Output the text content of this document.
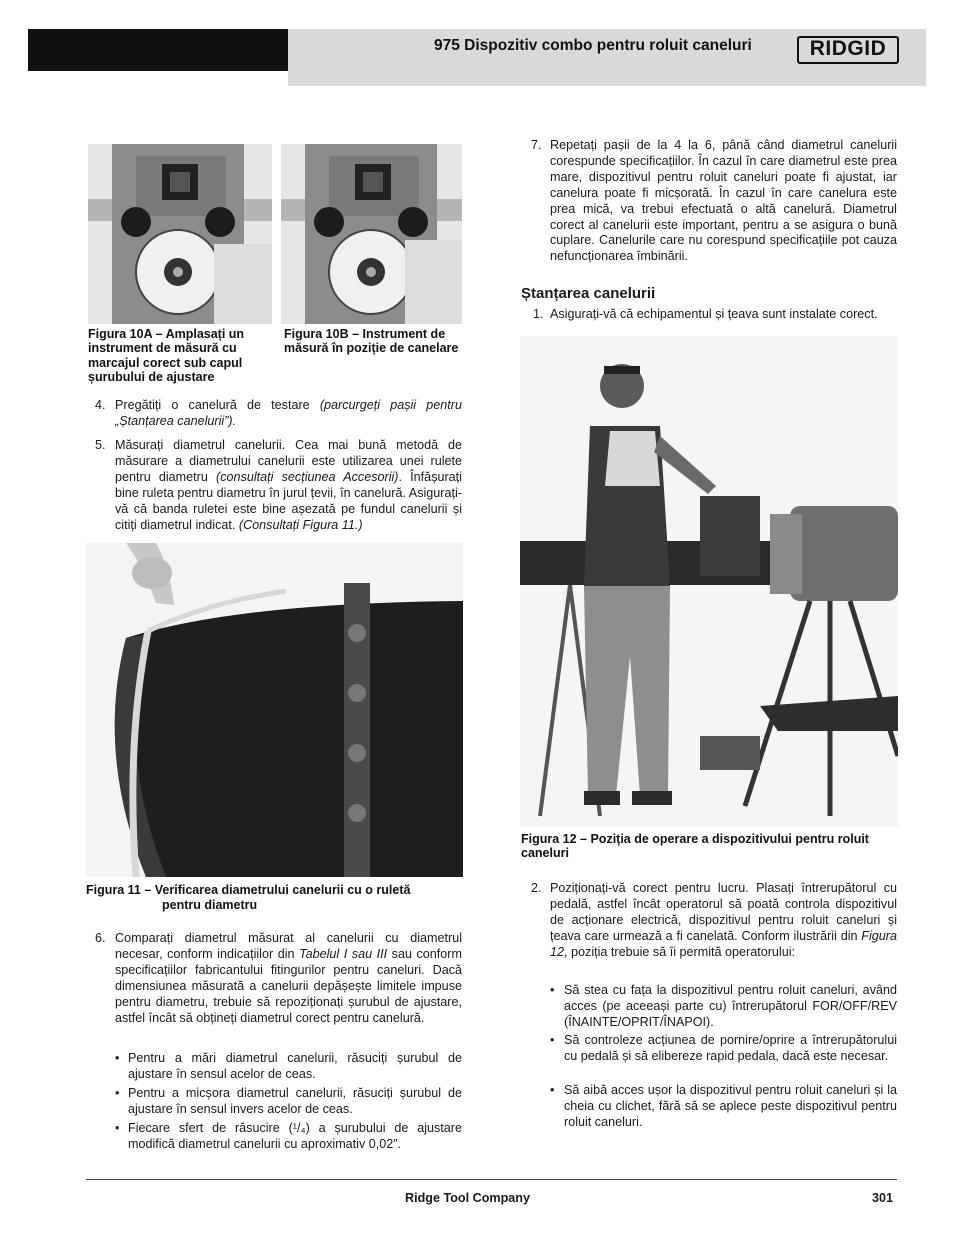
975 Dispozitiv combo pentru roluit caneluri	RIDGID
Figura 10A – Amplasați un instrument de măsură cu marcajul corect sub capul șurubului de ajustare
Figura 10B – Instrument de măsură în poziție de canelare
4. Pregătiți o canelură de testare (parcurgeți pașii pentru „Ștanțarea canelurii”).
5. Măsurați diametrul canelurii. Cea mai bună metodă de măsurare a diametrului canelurii este utilizarea unei rulete pentru diametru (consultați secțiunea Accesorii). Înfășurați bine ruleta pentru diametru în jurul țevii, în canelură. Asigurați-vă că banda ruletei este bine așezată pe fundul canelurii și citiți diametrul indicat. (Consultați Figura 11.)
Figura 11 – Verificarea diametrului canelurii cu o ruletă
pentru diametru
6. Comparați diametrul măsurat al canelurii cu diametrul necesar, conform indicațiilor din Tabelul I sau III sau conform specificațiilor fabricantului fitingurilor pentru caneluri. Dacă dimensiunea măsurată a canelurii depășește limitele impuse pentru diametru, trebuie să repoziționați șurubul de ajustare, astfel încât să obțineți diametrul corect pentru canelură.
• Pentru a mări diametrul canelurii, răsuciți șurubul de ajustare în sensul acelor de ceas.
• Pentru a micșora diametrul canelurii, răsuciți șurubul de ajustare în sensul invers acelor de ceas.
• Fiecare sfert de răsucire (¹/₄) a șurubului de ajustare modifică diametrul canelurii cu aproximativ 0,02”.
7. Repetați pașii de la 4 la 6, până când diametrul canelurii corespunde specificațiilor. În cazul în care diametrul este prea mare, dispozitivul pentru roluit caneluri poate fi ajustat, iar canelura poate fi micșorată. În cazul în care canelura este prea mică, va trebui efectuată o altă canelură. Diametrul corect al canelurii este important, pentru a se asigura o bună cuplare. Canelurile care nu corespund specificațiile pot cauza nefuncționarea îmbinării.
Ștanțarea canelurii
1. Asigurați-vă că echipamentul și țeava sunt instalate corect.
Figura 12 – Poziția de operare a dispozitivului pentru roluit caneluri
2. Poziționați-vă corect pentru lucru. Plasați întrerupătorul cu pedală, astfel încât operatorul să poată controla dispozitivul de acționare electrică, dispozitivul pentru roluit caneluri și țeava care urmează a fi canelată. Conform ilustrării din Figura 12, poziția trebuie să îi permită operatorului:
• Să stea cu fața la dispozitivul pentru roluit caneluri, având acces (pe aceeași parte cu) întrerupătorul FOR/OFF/REV (ÎNAINTE/OPRIT/ÎNAPOI).
• Să controleze acțiunea de pornire/oprire a întrerupătorului cu pedală și să elibereze rapid pedala, dacă este necesar.
• Să aibă acces ușor la dispozitivul pentru roluit caneluri și la cheia cu clichet, fără să se aplece peste dispozitivul pentru roluit caneluri.
Ridge Tool Company	301
